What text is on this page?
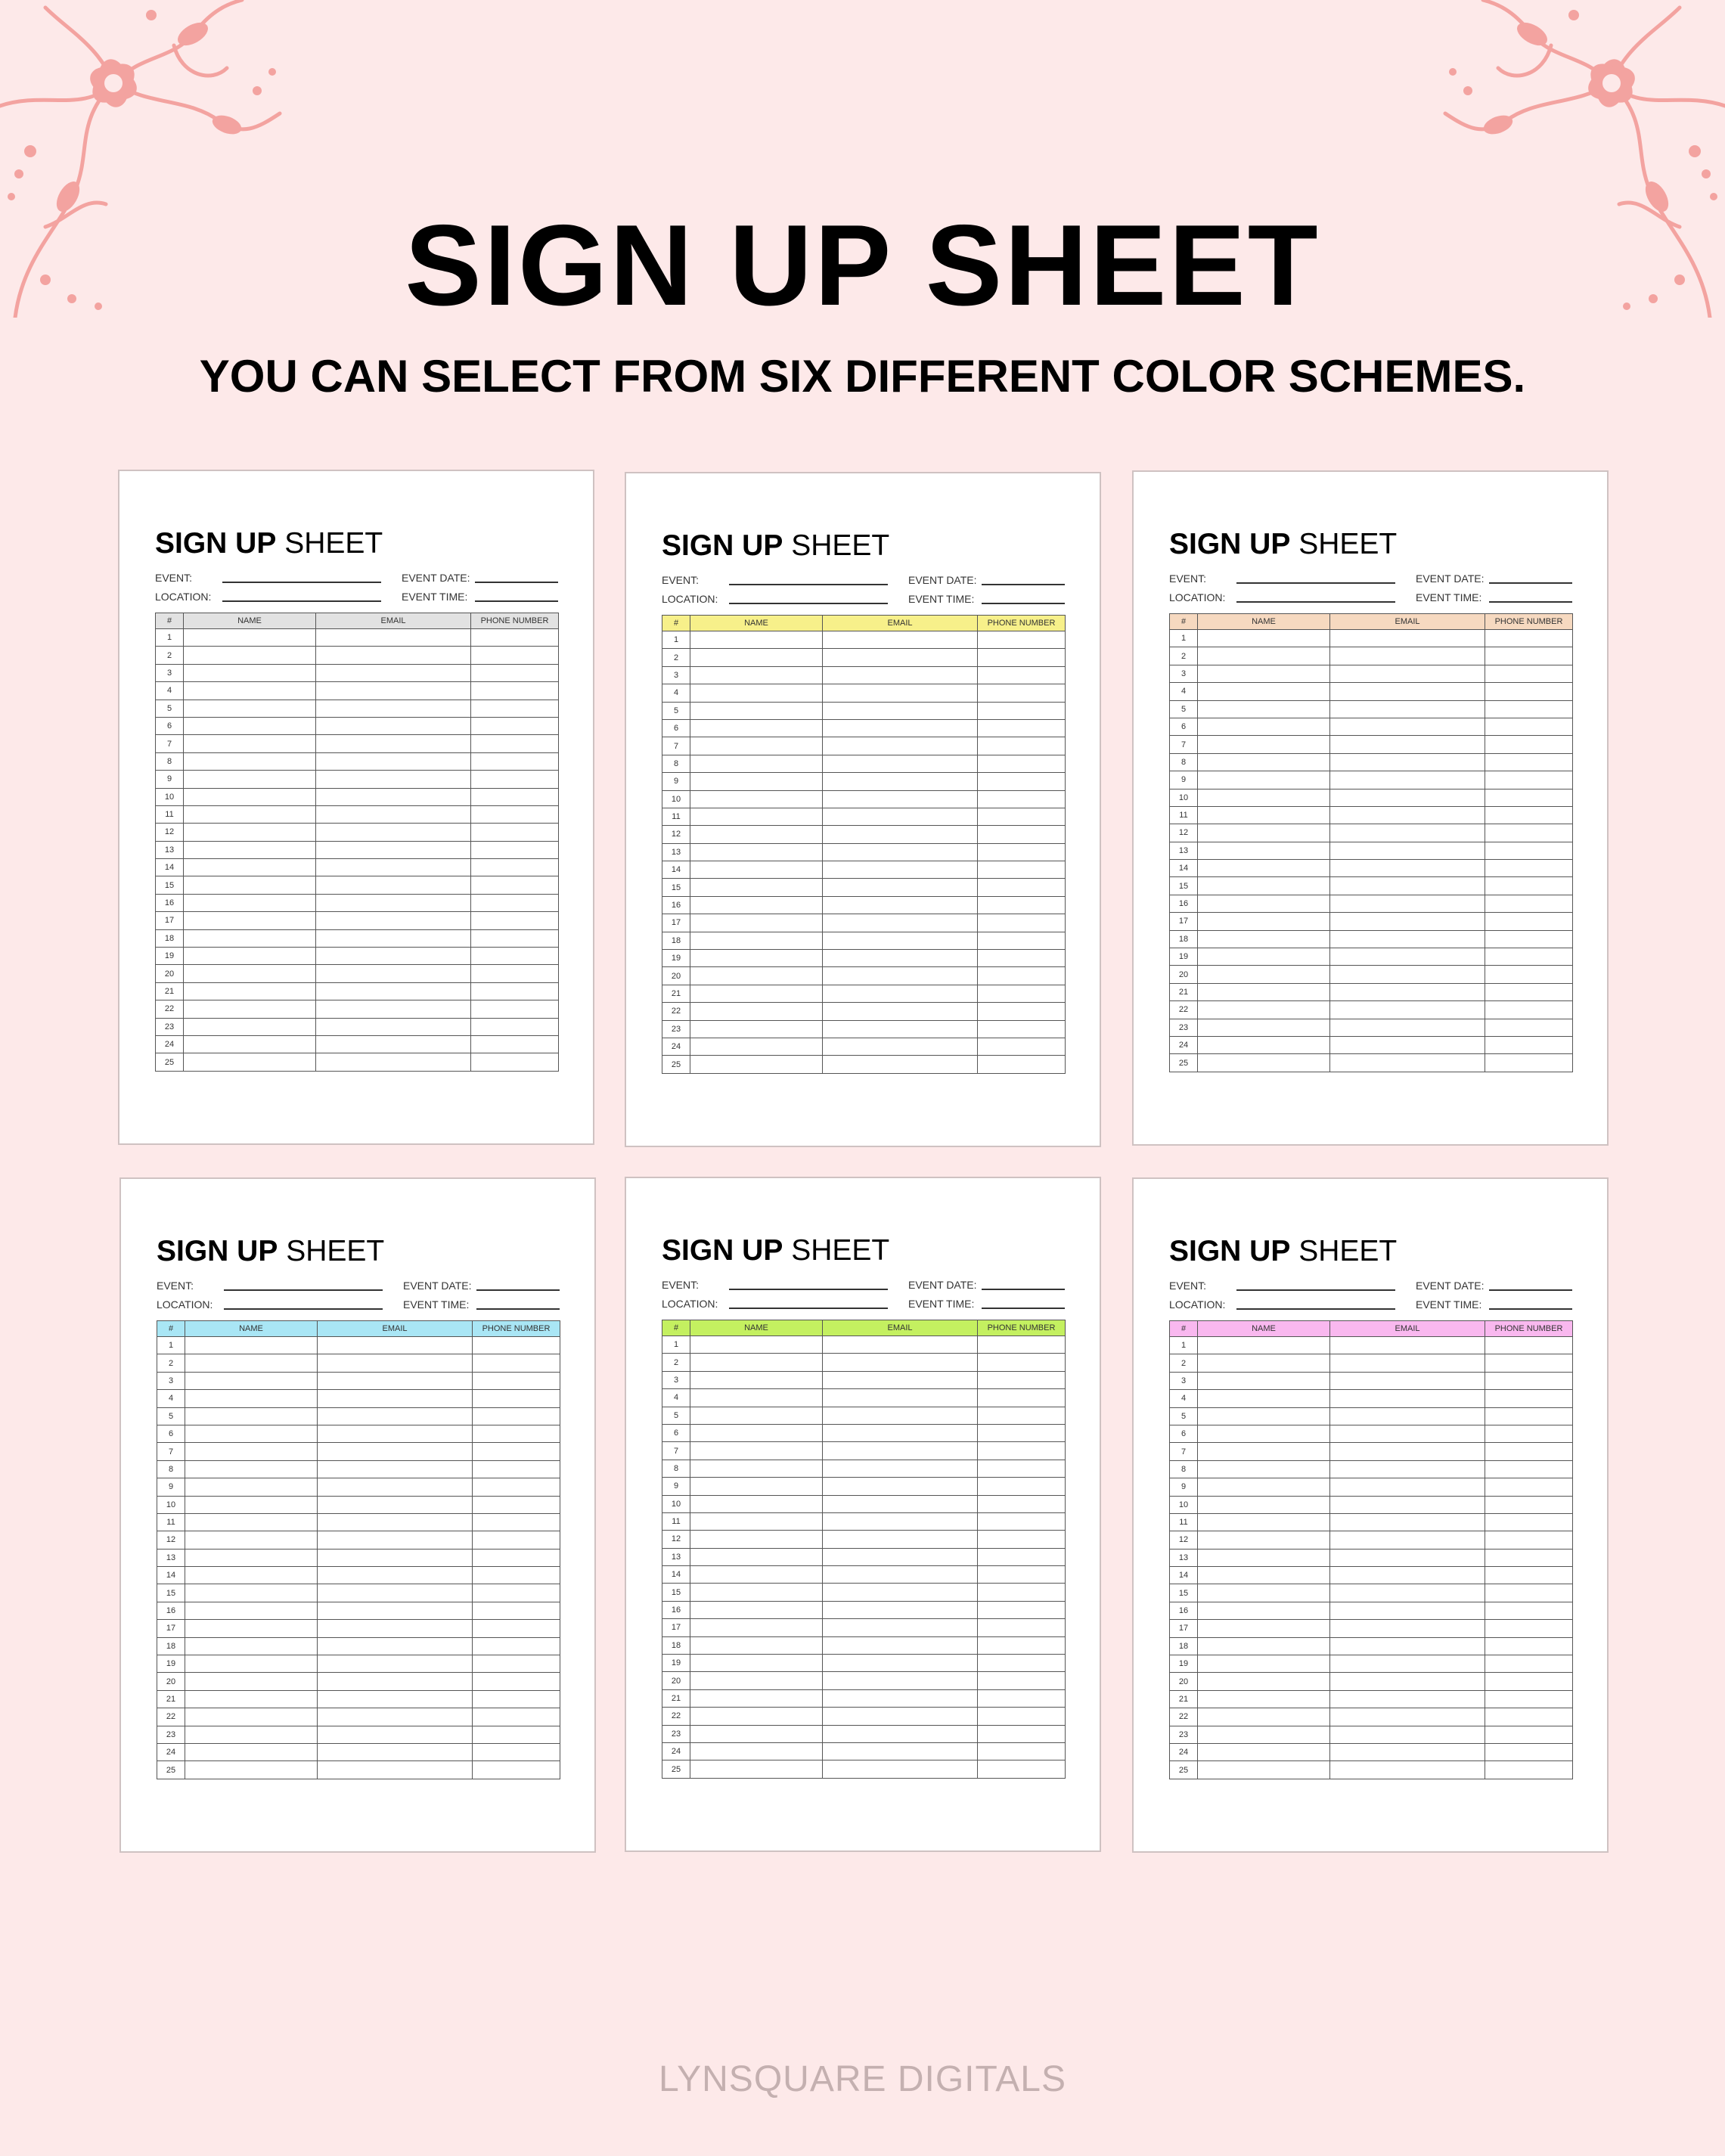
SIGN UP SHEET
YOU CAN SELECT FROM SIX DIFFERENT COLOR SCHEMES.
SIGN UP SHEET
EVENT:
LOCATION:
EVENT DATE:
EVENT TIME:
#	NAME	EMAIL	PHONE NUMBER
1			
2			
3			
4			
5			
6			
7			
8			
9			
10			
11			
12			
13			
14			
15			
16			
17			
18			
19			
20			
21			
22			
23			
24			
25			
SIGN UP SHEET
EVENT:
LOCATION:
EVENT DATE:
EVENT TIME:
#	NAME	EMAIL	PHONE NUMBER
1			
2			
3			
4			
5			
6			
7			
8			
9			
10			
11			
12			
13			
14			
15			
16			
17			
18			
19			
20			
21			
22			
23			
24			
25			
SIGN UP SHEET
EVENT:
LOCATION:
EVENT DATE:
EVENT TIME:
#	NAME	EMAIL	PHONE NUMBER
1			
2			
3			
4			
5			
6			
7			
8			
9			
10			
11			
12			
13			
14			
15			
16			
17			
18			
19			
20			
21			
22			
23			
24			
25			
SIGN UP SHEET
EVENT:
LOCATION:
EVENT DATE:
EVENT TIME:
#	NAME	EMAIL	PHONE NUMBER
1			
2			
3			
4			
5			
6			
7			
8			
9			
10			
11			
12			
13			
14			
15			
16			
17			
18			
19			
20			
21			
22			
23			
24			
25			
SIGN UP SHEET
EVENT:
LOCATION:
EVENT DATE:
EVENT TIME:
#	NAME	EMAIL	PHONE NUMBER
1			
2			
3			
4			
5			
6			
7			
8			
9			
10			
11			
12			
13			
14			
15			
16			
17			
18			
19			
20			
21			
22			
23			
24			
25			
SIGN UP SHEET
EVENT:
LOCATION:
EVENT DATE:
EVENT TIME:
#	NAME	EMAIL	PHONE NUMBER
1			
2			
3			
4			
5			
6			
7			
8			
9			
10			
11			
12			
13			
14			
15			
16			
17			
18			
19			
20			
21			
22			
23			
24			
25			
LYNSQUARE DIGITALS
